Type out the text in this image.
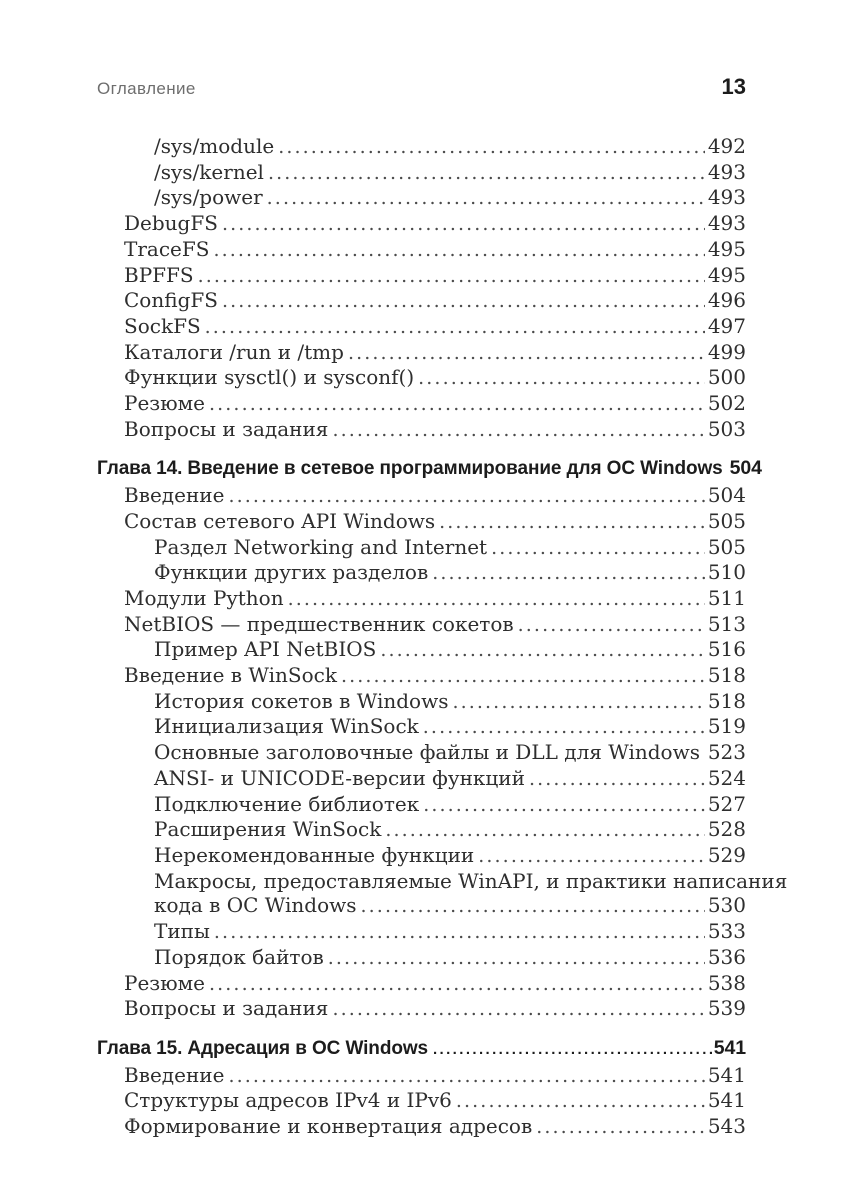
Оглавление	13
/sys/module .....	492
/sys/kernel .....	493
/sys/power .....	493
DebugFS .....	493
TraceFS .....	495
BPFFS .....	495
ConfigFS .....	496
SockFS .....	497
Каталоги /run и /tmp .....	499
Функции sysctl() и sysconf() .....	500
Резюме .....	502
Вопросы и задания .....	503
Глава 14. Введение в сетевое программирование для ОС Windows 504
Введение .....	504
Состав сетевого API Windows .....	505
Раздел Networking and Internet .....	505
Функции других разделов .....	510
Модули Python .....	511
NetBIOS — предшественник сокетов .....	513
Пример API NetBIOS .....	516
Введение в WinSock .....	518
История сокетов в Windows .....	518
Инициализация WinSock .....	519
Основные заголовочные файлы и DLL для Windows ..... 523
ANSI- и UNICODE-версии функций .....	524
Подключение библиотек .....	527
Расширения WinSock .....	528
Нерекомендованные функции .....	529
Макросы, предоставляемые WinAPI, и практики написания
кода в ОС Windows .....	530
Типы .....	533
Порядок байтов .....	536
Резюме .....	538
Вопросы и задания .....	539
Глава 15. Адресация в ОС Windows .....	541
Введение .....	541
Структуры адресов IPv4 и IPv6 .....	541
Формирование и конвертация адресов .....	543
